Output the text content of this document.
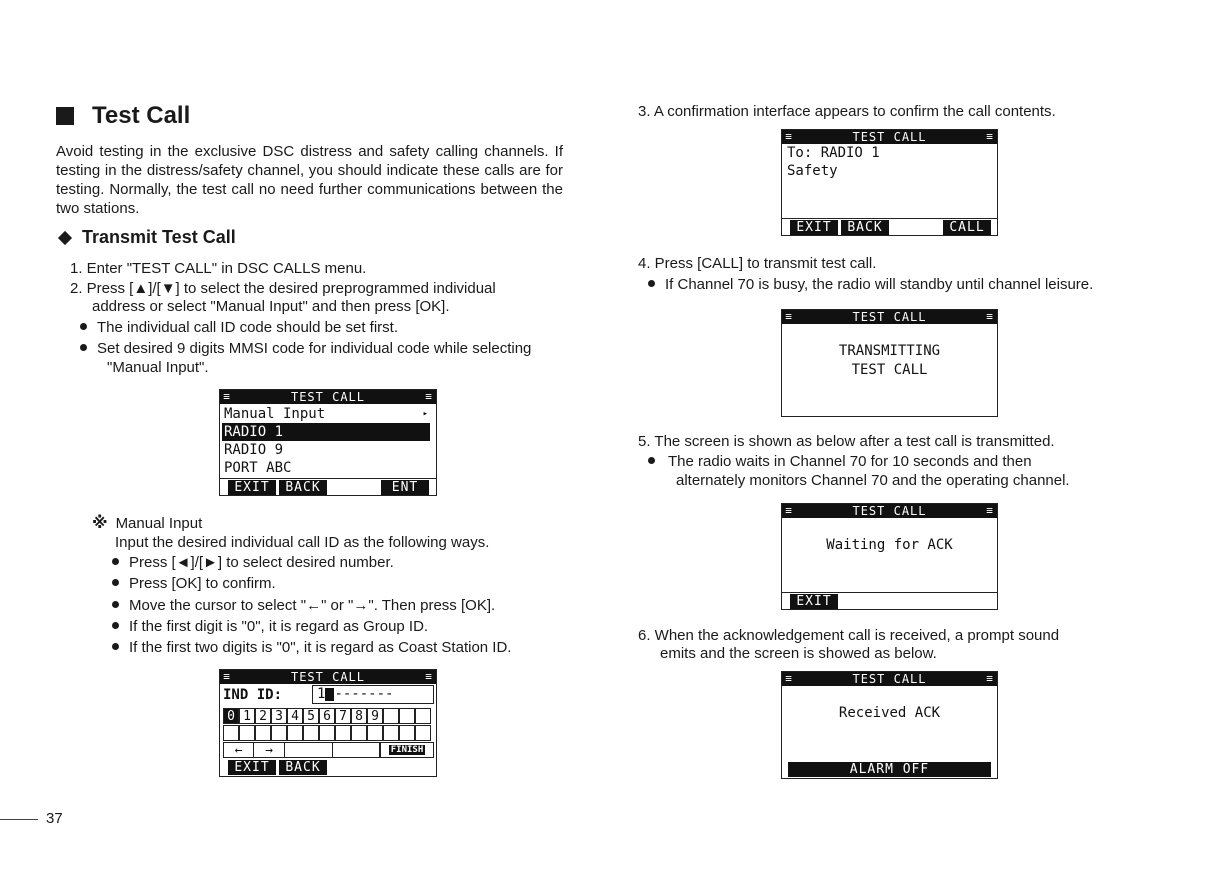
Test Call
Avoid testing in the exclusive DSC distress and safety calling channels. If testing in the distress/safety channel, you should indicate these calls are for testing. Normally, the test call no need further communications between the two stations.
Transmit Test Call
1. Enter "TEST CALL" in DSC CALLS menu.
2. Press [▲]/[▼] to select the desired preprogrammed individual
address or select "Manual Input" and then press [OK].
The individual call ID code should be set first.
Set desired 9 digits MMSI code for individual code while selecting
"Manual Input".
≡	TEST CALL	≡
Manual Input	▸
RADIO 1
RADIO 9
PORT ABC
EXIT	BACK	ENT
※ Manual Input
Input the desired individual call ID as the following ways.
Press [◄]/[►] to select desired number.
Press [OK] to confirm.
Move the cursor to select "←" or "→". Then press [OK].
If the first digit is "0", it is regard as Group ID.
If the first two digits is "0", it is regard as Coast Station ID.
≡	TEST CALL	≡
IND ID:	1 -------
0 1 2 3 4 5 6 7 8 9
←	→	FINISH
EXIT	BACK
37
3. A confirmation interface appears to confirm the call contents.
≡	TEST CALL	≡
To: RADIO 1
Safety
EXIT	BACK	CALL
4. Press [CALL] to transmit test call.
If Channel 70 is busy, the radio will standby until channel leisure.
≡	TEST CALL	≡
TRANSMITTING
TEST CALL
5. The screen is shown as below after a test call is transmitted.
The radio waits in Channel 70 for 10 seconds and then
alternately monitors Channel 70 and the operating channel.
≡	TEST CALL	≡
Waiting for ACK
EXIT
6. When the acknowledgement call is received, a prompt sound
emits and the screen is showed as below.
≡	TEST CALL	≡
Received ACK
ALARM OFF
